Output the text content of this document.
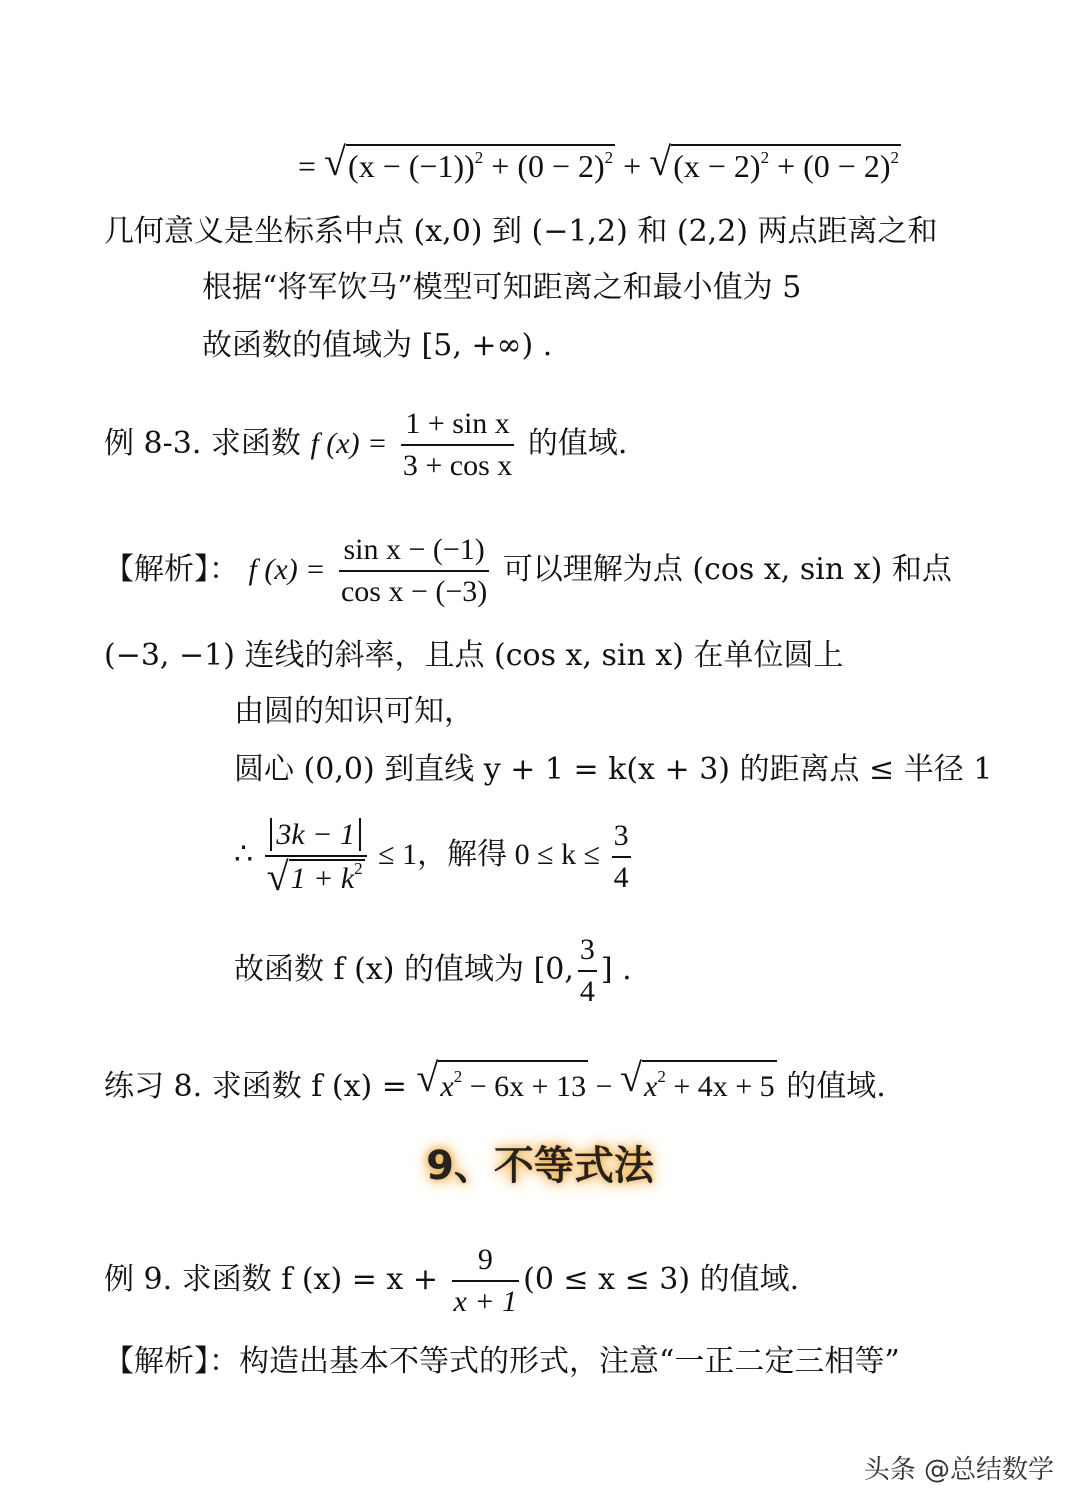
= √ $(x - (-1))^2 + (0 - 2)^2$ + √ $(x - 2)^2 + (0 - 2)^2$
几何意义是坐标系中点 (x,0) 到 (−1,2) 和 (2,2) 两点距离之和
根据“将军饮马”模型可知距离之和最小值为 5
故函数的值域为 [5, +∞) .
例 8-3. 求函数 f $(x) = \frac{\text{1 + sin x}}{\text{3 + cos x}}$ 的值域.
【解析】： f $(x) = \frac{\text{sin x − (−1)}}{\text{cos x − (−3)}}$ 可以理解为点 (cos x, sin x) 和点
(−3, −1) 连线的斜率，且点 (cos x, sin x) 在单位圆上
由圆的知识可知，
圆心 (0,0) 到直线 y + 1 = k(x + 3) 的距离点 ≤ 半径 1
∴ 3k − 1
√ $1 + k^2 \le 1$，解得 $0 \le k \le \frac{3}{4}$
故函数 f (x) 的值域为 [0, $\frac{3}{4}$ ] .
练习 8. 求函数 f (x) = √ $x^2 - 6x + 13$ − √ $x^2 + 4x + 5$ 的值域.
9、不等式法
例 9. 求函数 f $(x) = x + \frac{9}{x + 1} (0 \le x \le 3)$ 的值域.
【解析】：构造出基本不等式的形式，注意“一正二定三相等”
头条 @总结数学
